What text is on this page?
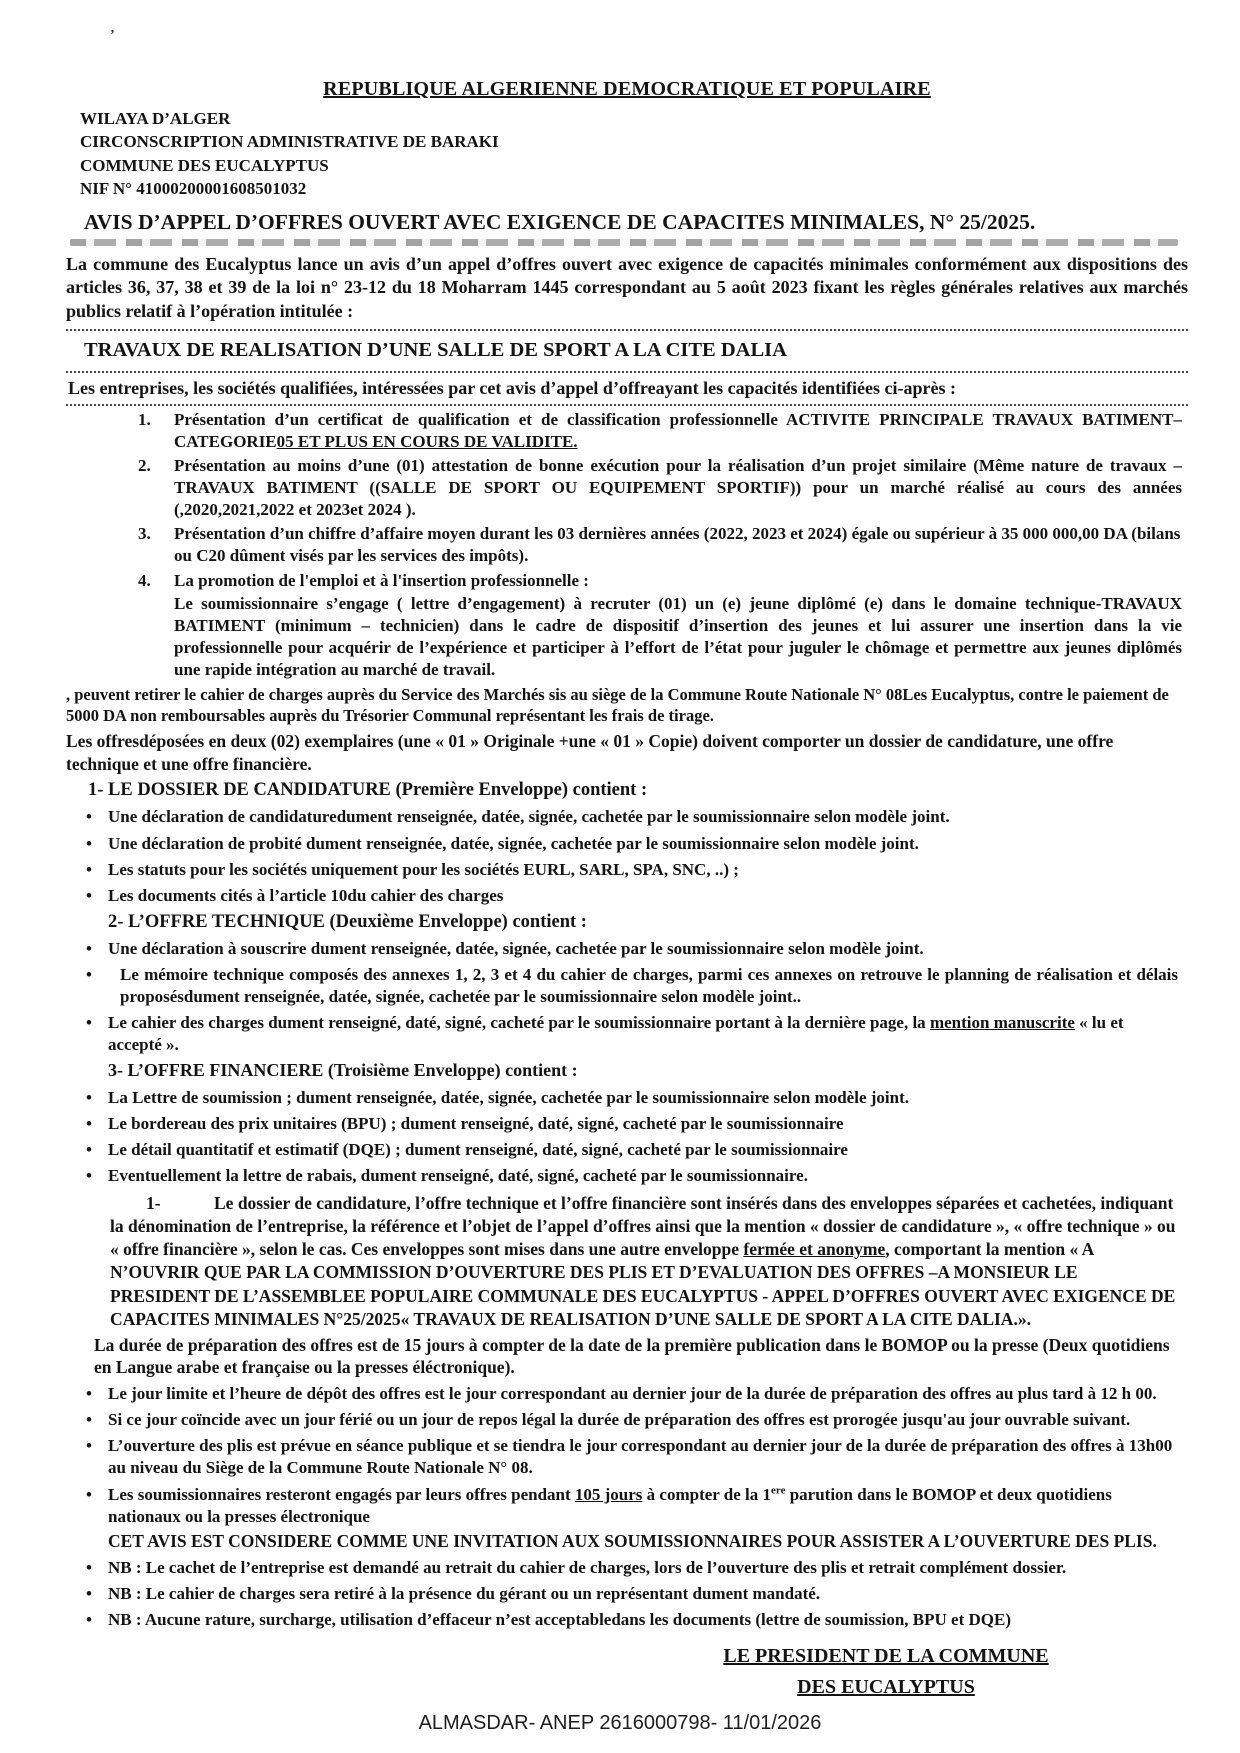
’
REPUBLIQUE ALGERIENNE DEMOCRATIQUE ET POPULAIRE
WILAYA D’ALGER
CIRCONSCRIPTION ADMINISTRATIVE DE BARAKI
COMMUNE DES EUCALYPTUS
NIF N° 41000200001608501032
AVIS D’APPEL D’OFFRES OUVERT AVEC EXIGENCE DE CAPACITES MINIMALES, N° 25/2025.

La commune des Eucalyptus lance un avis d’un appel d’offres ouvert avec exigence de capacités minimales conformément aux dispositions des articles 36, 37, 38 et 39 de la loi n° 23-12 du 18 Moharram 1445 correspondant au 5 août 2023 fixant les règles générales relatives aux marchés publics relatif à l’opération intitulée :

TRAVAUX DE REALISATION D’UNE SALLE DE SPORT A LA CITE DALIA
Les entreprises, les sociétés qualifiées, intéressées par cet avis d’appel d’offreayant les capacités identifiées ci-après :
1.	Présentation d’un certificat de qualification et de classification professionnelle ACTIVITE PRINCIPALE TRAVAUX BATIMENT– CATEGORIE05 ET PLUS EN COURS DE VALIDITE.
2.	Présentation au moins d’une (01) attestation de bonne exécution pour la réalisation d’un projet similaire (Même nature de travaux –TRAVAUX BATIMENT ((SALLE DE SPORT OU EQUIPEMENT SPORTIF)) pour un marché réalisé au cours des années (,2020,2021,2022 et 2023et 2024 ).
3.	Présentation d’un chiffre d’affaire moyen durant les 03 dernières années (2022, 2023 et 2024) égale ou supérieur à 35 000 000,00 DA (bilans ou C20 dûment visés par les services des impôts).
4.	La promotion de l'emploi et à l'insertion professionnelle :
Le soumissionnaire s’engage ( lettre d’engagement) à recruter (01) un (e) jeune diplômé (e) dans le domaine technique-TRAVAUX BATIMENT (minimum – technicien) dans le cadre de dispositif d’insertion des jeunes et lui assurer une insertion dans la vie professionnelle pour acquérir de l’expérience et participer à l’effort de l’état pour juguler le chômage et permettre aux jeunes diplômés une rapide intégration au marché de travail.

, peuvent retirer le cahier de charges auprès du Service des Marchés sis au siège de la Commune Route Nationale N° 08Les Eucalyptus, contre le paiement de 5000 DA non remboursables auprès du Trésorier Communal représentant les frais de tirage.

Les offresdéposées en deux (02) exemplaires (une « 01 » Originale +une « 01 » Copie) doivent comporter un dossier de candidature, une offre technique et une offre financière.

1- LE DOSSIER DE CANDIDATURE (Première Enveloppe) contient :
• Une déclaration de candidaturedument renseignée, datée, signée, cachetée par le soumissionnaire selon modèle joint.
• Une déclaration de probité dument renseignée, datée, signée, cachetée par le soumissionnaire selon modèle joint.
• Les statuts pour les sociétés uniquement pour les sociétés EURL, SARL, SPA, SNC, ..) ;
• Les documents cités à l’article 10du cahier des charges
2- L’OFFRE TECHNIQUE (Deuxième Enveloppe) contient :
• Une déclaration à souscrire dument renseignée, datée, signée, cachetée par le soumissionnaire selon modèle joint.
• Le mémoire technique composés des annexes 1, 2, 3 et 4 du cahier de charges, parmi ces annexes on retrouve le planning de réalisation et délais proposésdument renseignée, datée, signée, cachetée par le soumissionnaire selon modèle joint..
• Le cahier des charges dument renseigné, daté, signé, cacheté par le soumissionnaire portant à la dernière page, la mention manuscrite « lu et accepté ».
3- L’OFFRE FINANCIERE (Troisième Enveloppe) contient :
• La Lettre de soumission ; dument renseignée, datée, signée, cachetée par le soumissionnaire selon modèle joint.
• Le bordereau des prix unitaires (BPU) ; dument renseigné, daté, signé, cacheté par le soumissionnaire
• Le détail quantitatif et estimatif (DQE) ; dument renseigné, daté, signé, cacheté par le soumissionnaire
• Eventuellement la lettre de rabais, dument renseigné, daté, signé, cacheté par le soumissionnaire.

1-	Le dossier de candidature, l’offre technique et l’offre financière sont insérés dans des enveloppes séparées et cachetées, indiquant la dénomination de l’entreprise, la référence et l’objet de l’appel d’offres ainsi que la mention « dossier de candidature », « offre technique » ou « offre financière », selon le cas. Ces enveloppes sont mises dans une autre enveloppe fermée et anonyme, comportant la mention « A N’OUVRIR QUE PAR LA COMMISSION D’OUVERTURE DES PLIS ET D’EVALUATION DES OFFRES –A MONSIEUR LE PRESIDENT DE L’ASSEMBLEE POPULAIRE COMMUNALE DES EUCALYPTUS - APPEL D’OFFRES OUVERT AVEC EXIGENCE DE CAPACITES MINIMALES N°25/2025« TRAVAUX DE REALISATION D’UNE SALLE DE SPORT A LA CITE DALIA.».

La durée de préparation des offres est de 15 jours à compter de la date de la première publication dans le BOMOP ou la presse (Deux quotidiens en Langue arabe et française ou la presses éléctronique).
• Le jour limite et l’heure de dépôt des offres est le jour correspondant au dernier jour de la durée de préparation des offres au plus tard à 12 h 00.
• Si ce jour coïncide avec un jour férié ou un jour de repos légal la durée de préparation des offres est prorogée jusqu'au jour ouvrable suivant.
• L’ouverture des plis est prévue en séance publique et se tiendra le jour correspondant au dernier jour de la durée de préparation des offres à 13h00 au niveau du Siège de la Commune Route Nationale N° 08.
• Les soumissionnaires resteront engagés par leurs offres pendant 105 jours à compter de la 1ere parution dans le BOMOP et deux quotidiens nationaux ou la presses électronique
CET AVIS EST CONSIDERE COMME UNE INVITATION AUX SOUMISSIONNAIRES POUR ASSISTER A L’OUVERTURE DES PLIS.
• NB : Le cachet de l’entreprise est demandé au retrait du cahier de charges, lors de l’ouverture des plis et retrait complément dossier.
• NB : Le cahier de charges sera retiré à la présence du gérant ou un représentant dument mandaté.
• NB : Aucune rature, surcharge, utilisation d’effaceur n’est acceptabledans les documents (lettre de soumission, BPU et DQE)
LE PRESIDENT DE LA COMMUNE
DES EUCALYPTUS
ALMASDAR- ANEP 2616000798- 11/01/2026
